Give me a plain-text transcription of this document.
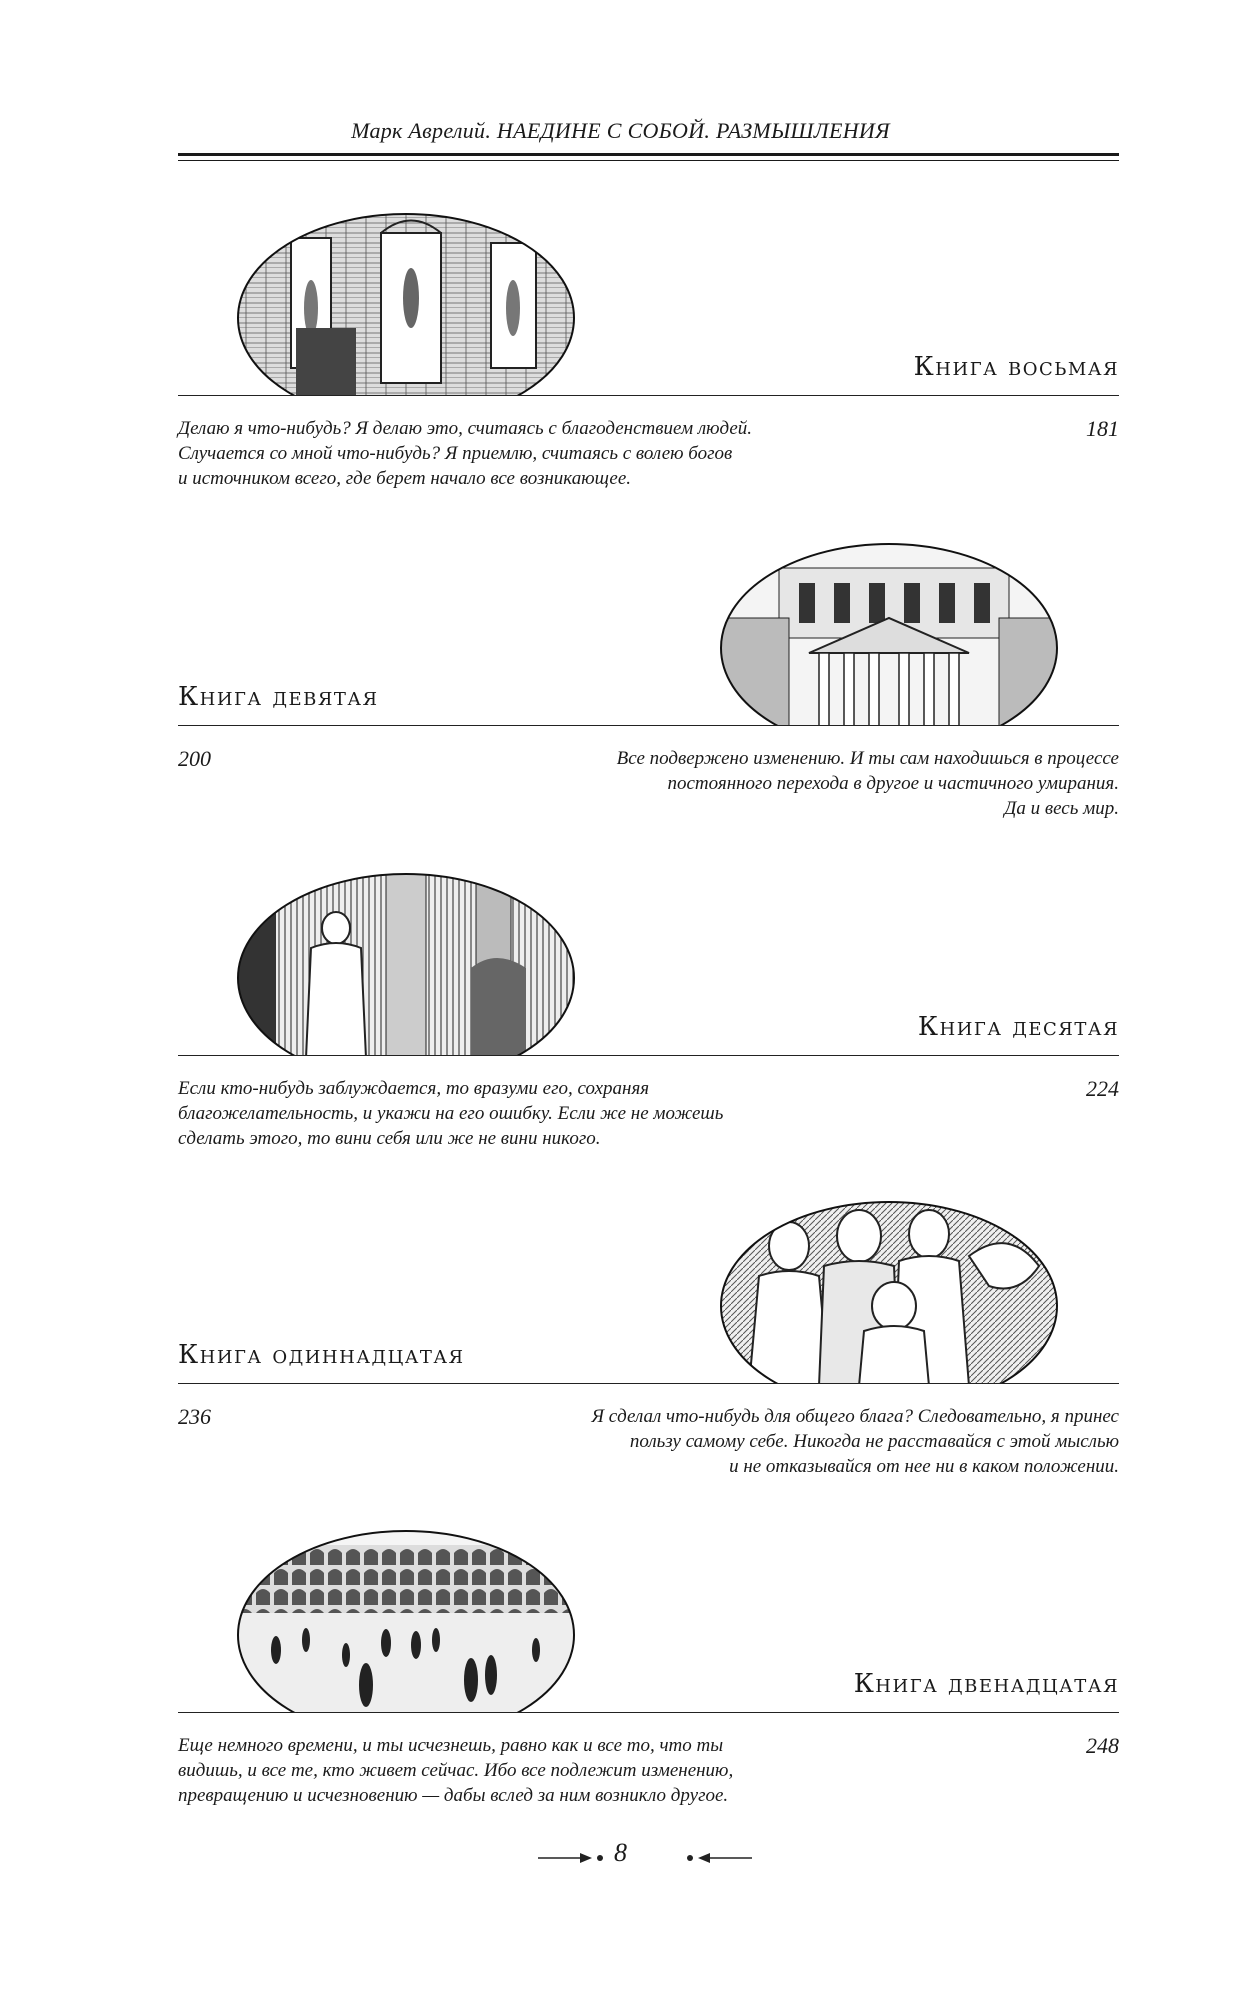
Марк Аврелий. НАЕДИНЕ С СОБОЙ. РАЗМЫШЛЕНИЯ
Книга восьмая
Делаю я что-нибудь? Я делаю это, считаясь с благоденствием людей.
Случается со мной что-нибудь? Я приемлю, считаясь с волею богов
и источником всего, где берет начало все возникающее.
181
Книга девятая
Все подвержено изменению. И ты сам находишься в процессе
постоянного перехода в другое и частичного умирания.
Да и весь мир.
200
Книга десятая
Если кто-нибудь заблуждается, то вразуми его, сохраняя
благожелательность, и укажи на его ошибку. Если же не можешь
сделать этого, то вини себя или же не вини никого.
224
Книга одиннадцатая
Я сделал что-нибудь для общего блага? Следовательно, я принес
пользу самому себе. Никогда не расставайся с этой мыслью
и не отказывайся от нее ни в каком положении.
236
Книга двенадцатая
Еще немного времени, и ты исчезнешь, равно как и все то, что ты
видишь, и все те, кто живет сейчас. Ибо все подлежит изменению,
превращению и исчезновению — дабы вслед за ним возникло другое.
248
8
